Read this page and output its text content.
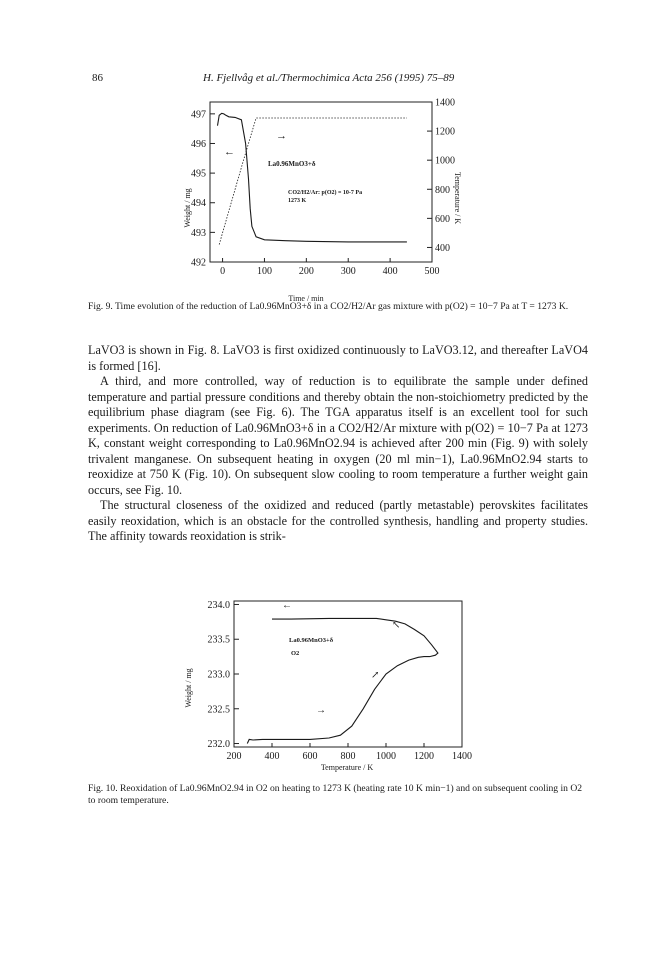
86	H. Fjellvåg et al./Thermochimica Acta 256 (1995) 75–89
492
493
494
495
496
497
400
600
800
1000
1200
1400
0	100	200	300	400	500
Time / min
Weight / mg	Temperature / K
La0.96MnO3+δ
CO2/H2/Ar: p(O2) = 10-7 Pa
1273 K
←
→
Fig. 9. Time evolution of the reduction of La0.96MnO3+δ in a CO2/H2/Ar gas mixture with p(O2) = 10−7 Pa at T = 1273 K.

LaVO3 is shown in Fig. 8. LaVO3 is first oxidized continuously to LaVO3.12, and thereafter LaVO4 is formed [16].

A third, and more controlled, way of reduction is to equilibrate the sample under defined temperature and partial pressure conditions and thereby obtain the non-stoichiometry predicted by the equilibrium phase diagram (see Fig. 6). The TGA apparatus itself is an excellent tool for such experiments. On reduction of La0.96MnO3+δ in a CO2/H2/Ar mixture with p(O2) = 10−7 Pa at 1273 K, constant weight corresponding to La0.96MnO2.94 is achieved after 200 min (Fig. 9) with solely trivalent manganese. On subsequent heating in oxygen (20 ml min−1), La0.96MnO2.94 starts to reoxidize at 750 K (Fig. 10). On subsequent slow cooling to room temperature a further weight gain occurs, see Fig. 10.

The structural closeness of the oxidized and reduced (partly metastable) perovskites facilitates easily reoxidation, which is an obstacle for the controlled synthesis, handling and property studies. The affinity towards reoxidation is strik-

232.0
232.5
233.0
233.5
234.0
200 400 600 800 1000 1200 1400
Temperature / K
Weight / mg
La0.96MnO3+δ
O2
←
→
↗
↖
Fig. 10. Reoxidation of La0.96MnO2.94 in O2 on heating to 1273 K (heating rate 10 K min−1) and on subsequent cooling in O2 to room temperature.
